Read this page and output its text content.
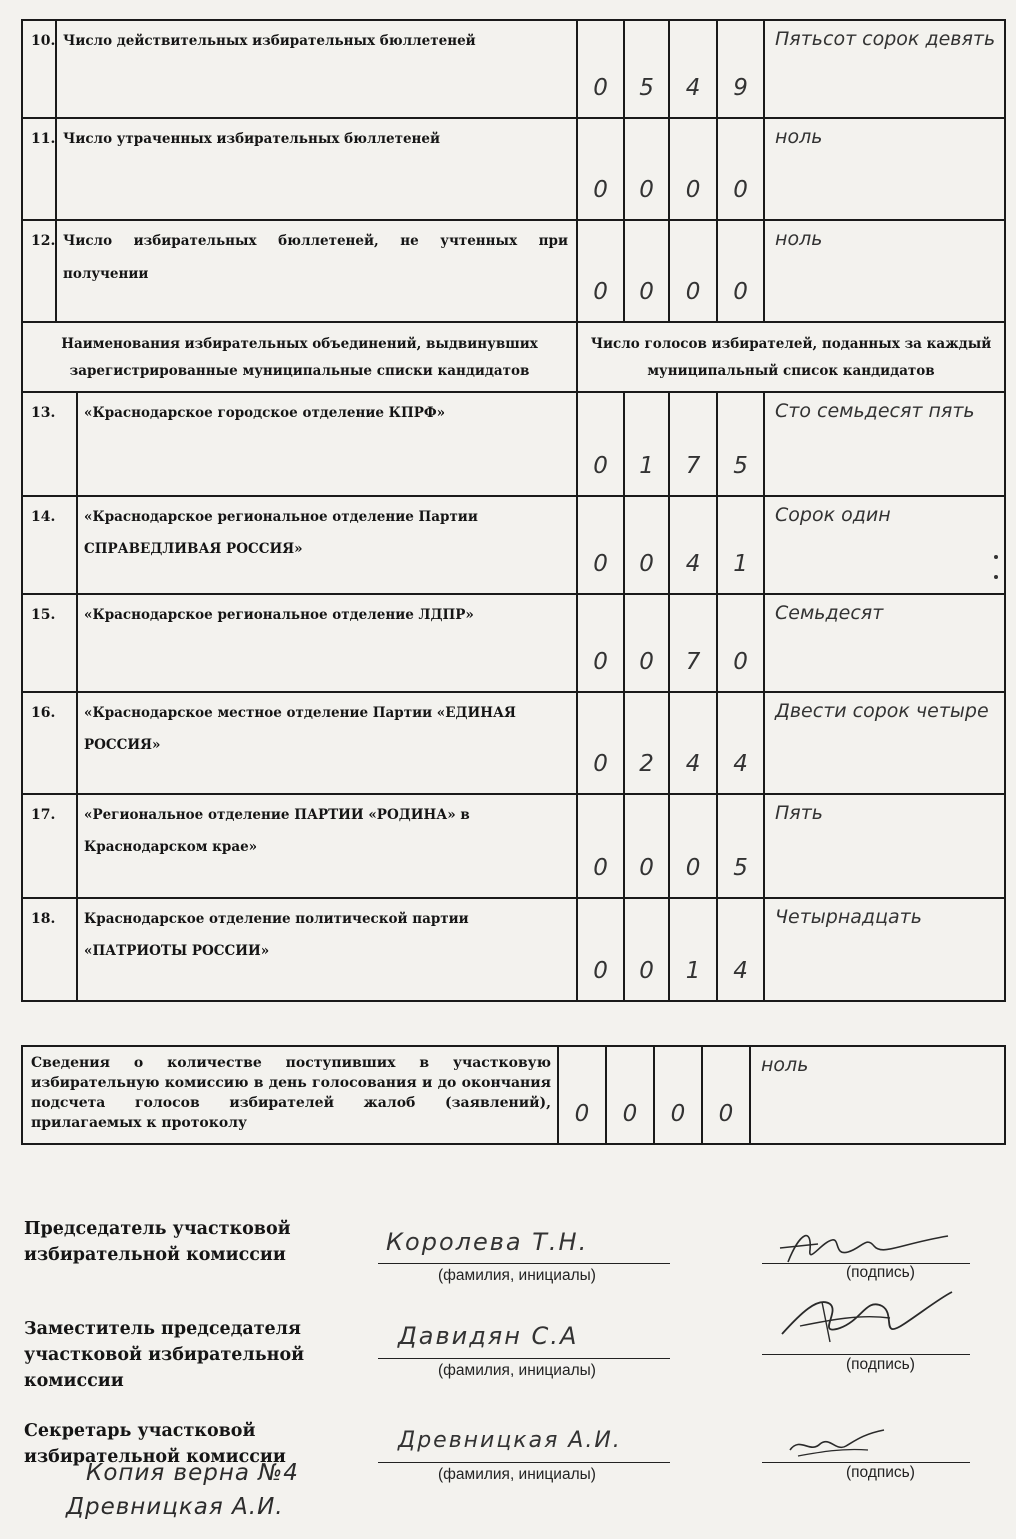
10.	Число действительных избирательных бюллетеней		0	5	4	9	Пятьсот сорок девять
11.	Число утраченных избирательных бюллетеней		0	0	0	0	ноль
12.	Число избирательных бюллетеней, не учтенных при получении		0	0	0	0	ноль
Наименования избирательных объединений, выдвинувших зарегистрированные муниципальные списки кандидатов			Число голосов избирателей, поданных за каждый муниципальный список кандидатов				
13.		«Краснодарское городское отделение КПРФ»	0	1	7	5	Сто семьдесят пять
14.		«Краснодарское региональное отделение Партии СПРАВЕДЛИВАЯ РОССИЯ»	0	0	4	1	Сорок один
15.		«Краснодарское региональное отделение ЛДПР»	0	0	7	0	Семьдесят
16.		«Краснодарское местное отделение Партии «ЕДИНАЯ РОССИЯ»	0	2	4	4	Двести сорок четыре
17.		«Региональное отделение ПАРТИИ «РОДИНА» в Краснодарском крае»	0	0	0	5	Пять
18.		Краснодарское отделение политической партии «ПАТРИОТЫ РОССИИ»	0	0	1	4	Четырнадцать
Сведения о количестве поступивших в участковую избирательную комиссию в день голосования и до окончания подсчета голосов избирателей жалоб (заявлений), прилагаемых к протоколу	0	0	0	0	ноль
Председатель участковой избирательной комиссии	Королева Т.Н.
(фамилия, инициалы)	(подпись)
Заместитель председателя участковой избирательной комиссии
Давидян С.А
(фамилия, инициалы)	(подпись)
Секретарь участковой избирательной комиссии
Древницкая А.И.
(фамилия, инициалы)	(подпись)
Копия верна №4
Древницкая А.И.
